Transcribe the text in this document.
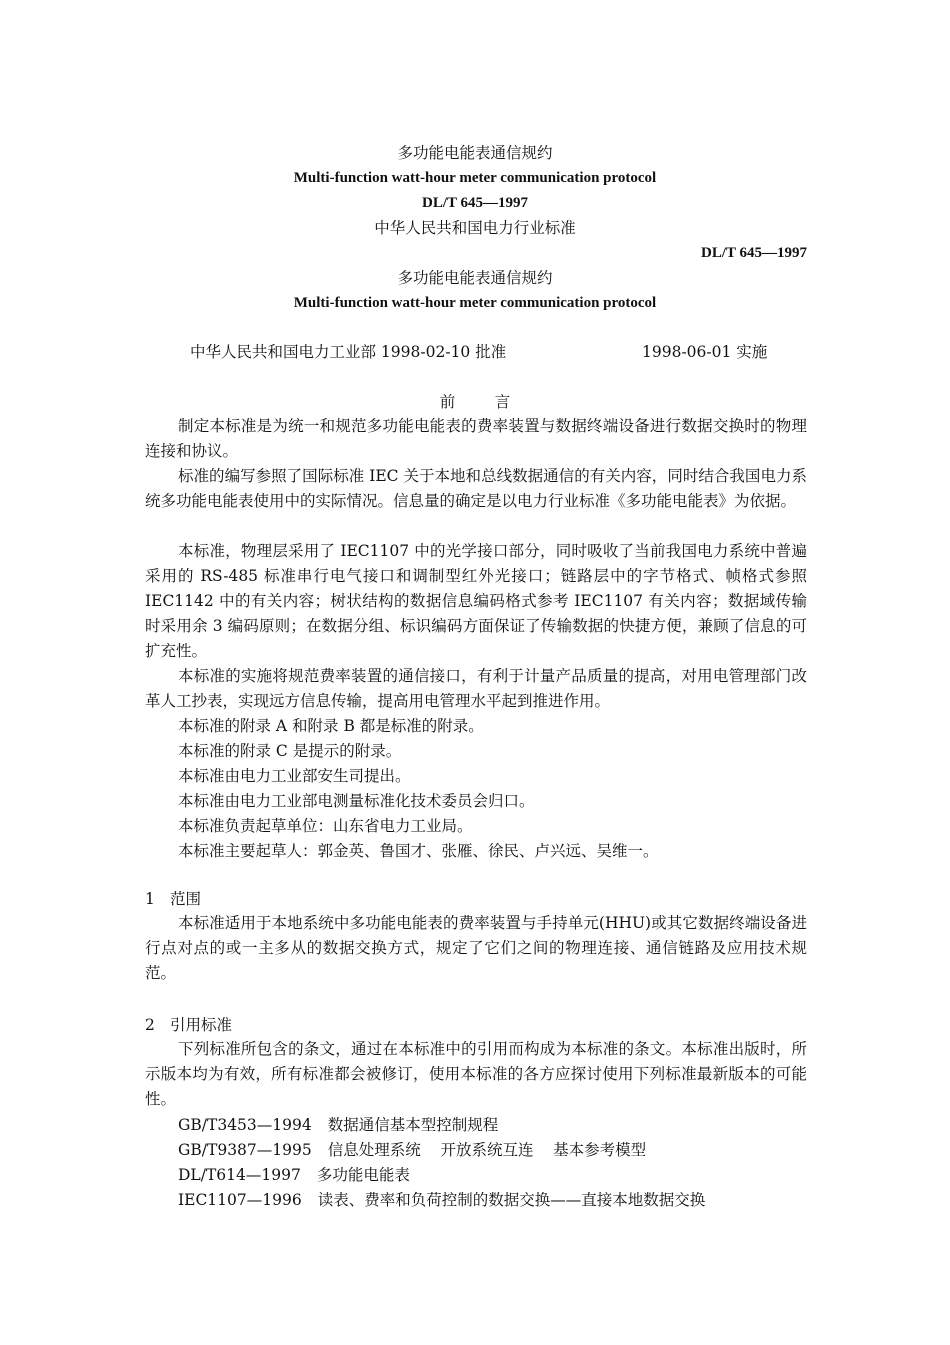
多功能电能表通信规约
Multi-function watt-hour meter communication protocol
DL/T 645—1997
中华人民共和国电力行业标准
DL/T 645—1997
多功能电能表通信规约
Multi-function watt-hour meter communication protocol
中华人民共和国电力工业部 1998-02-10 批准	1998-06-01 实施
前        言
制定本标准是为统一和规范多功能电能表的费率装置与数据终端设备进行数据交换时的物理连接和协议。
标准的编写参照了国际标准 IEC 关于本地和总线数据通信的有关内容，同时结合我国电力系统多功能电能表使用中的实际情况。信息量的确定是以电力行业标准《多功能电能表》为依据。
本标准，物理层采用了 IEC1107 中的光学接口部分，同时吸收了当前我国电力系统中普遍采用的 RS-485 标准串行电气接口和调制型红外光接口；链路层中的字节格式、帧格式参照 IEC1142 中的有关内容；树状结构的数据信息编码格式参考 IEC1107 有关内容；数据域传输时采用余 3 编码原则；在数据分组、标识编码方面保证了传输数据的快捷方便，兼顾了信息的可扩充性。
本标准的实施将规范费率装置的通信接口，有利于计量产品质量的提高，对用电管理部门改革人工抄表，实现远方信息传输，提高用电管理水平起到推进作用。
本标准的附录 A 和附录 B 都是标准的附录。
本标准的附录 C 是提示的附录。
本标准由电力工业部安生司提出。
本标准由电力工业部电测量标准化技术委员会归口。
本标准负责起草单位：山东省电力工业局。
本标准主要起草人：郭金英、鲁国才、张雁、徐民、卢兴远、吴维一。
1 范围
本标准适用于本地系统中多功能电能表的费率装置与手持单元(HHU)或其它数据终端设备进行点对点的或一主多从的数据交换方式，规定了它们之间的物理连接、通信链路及应用技术规范。
2 引用标准
下列标准所包含的条文，通过在本标准中的引用而构成为本标准的条文。本标准出版时，所示版本均为有效，所有标准都会被修订，使用本标准的各方应探讨使用下列标准最新版本的可能性。
GB/T3453—1994 数据通信基本型控制规程
GB/T9387—1995 信息处理系统    开放系统互连    基本参考模型
DL/T614—1997 多功能电能表
IEC1107—1996 读表、费率和负荷控制的数据交换——直接本地数据交换
